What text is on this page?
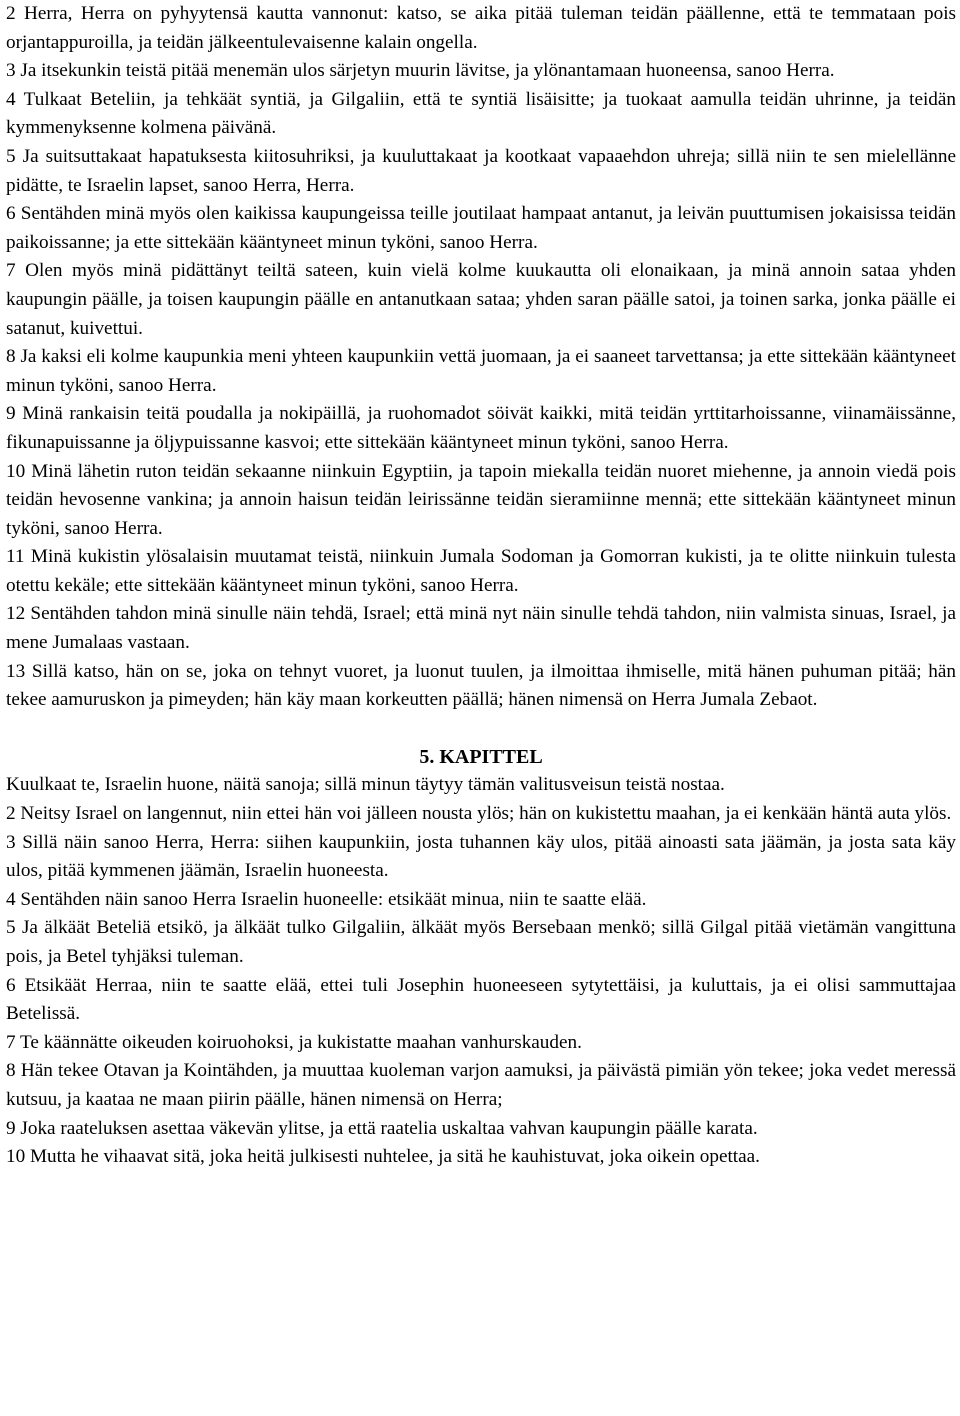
2 Herra, Herra on pyhyytensä kautta vannonut: katso, se aika pitää tuleman teidän päällenne, että te temmataan pois orjantappuroilla, ja teidän jälkeentulevaisenne kalain ongella.

3 Ja itsekunkin teistä pitää menemän ulos särjetyn muurin lävitse, ja ylönantamaan huoneensa, sanoo Herra.

4 Tulkaat Beteliin, ja tehkäät syntiä, ja Gilgaliin, että te syntiä lisäisitte; ja tuokaat aamulla teidän uhrinne, ja teidän kymmenyksenne kolmena päivänä.

5 Ja suitsuttakaat hapatuksesta kiitosuhriksi, ja kuuluttakaat ja kootkaat vapaaehdon uhreja; sillä niin te sen mielellänne pidätte, te Israelin lapset, sanoo Herra, Herra.

6 Sentähden minä myös olen kaikissa kaupungeissa teille joutilaat hampaat antanut, ja leivän puuttumisen jokaisissa teidän paikoissanne; ja ette sittekään kääntyneet minun tyköni, sanoo Herra.

7 Olen myös minä pidättänyt teiltä sateen, kuin vielä kolme kuukautta oli elonaikaan, ja minä annoin sataa yhden kaupungin päälle, ja toisen kaupungin päälle en antanutkaan sataa; yhden saran päälle satoi, ja toinen sarka, jonka päälle ei satanut, kuivettui.

8 Ja kaksi eli kolme kaupunkia meni yhteen kaupunkiin vettä juomaan, ja ei saaneet tarvettansa; ja ette sittekään kääntyneet minun tyköni, sanoo Herra.

9 Minä rankaisin teitä poudalla ja nokipäillä, ja ruohomadot söivät kaikki, mitä teidän yrttitarhoissanne, viinamäissänne, fikunapuissanne ja öljypuissanne kasvoi; ette sittekään kääntyneet minun tyköni, sanoo Herra.

10 Minä lähetin ruton teidän sekaanne niinkuin Egyptiin, ja tapoin miekalla teidän nuoret miehenne, ja annoin viedä pois teidän hevosenne vankina; ja annoin haisun teidän leirissänne teidän sieramiinne mennä; ette sittekään kääntyneet minun tyköni, sanoo Herra.

11 Minä kukistin ylösalaisin muutamat teistä, niinkuin Jumala Sodoman ja Gomorran kukisti, ja te olitte niinkuin tulesta otettu kekäle; ette sittekään kääntyneet minun tyköni, sanoo Herra.

12 Sentähden tahdon minä sinulle näin tehdä, Israel; että minä nyt näin sinulle tehdä tahdon, niin valmista sinuas, Israel, ja mene Jumalaas vastaan.

13 Sillä katso, hän on se, joka on tehnyt vuoret, ja luonut tuulen, ja ilmoittaa ihmiselle, mitä hänen puhuman pitää; hän tekee aamuruskon ja pimeyden; hän käy maan korkeutten päällä; hänen nimensä on Herra Jumala Zebaot.

5. KAPITTEL

Kuulkaat te, Israelin huone, näitä sanoja; sillä minun täytyy tämän valitusveisun teistä nostaa.

2 Neitsy Israel on langennut, niin ettei hän voi jälleen nousta ylös; hän on kukistettu maahan, ja ei kenkään häntä auta ylös.

3 Sillä näin sanoo Herra, Herra: siihen kaupunkiin, josta tuhannen käy ulos, pitää ainoasti sata jäämän, ja josta sata käy ulos, pitää kymmenen jäämän, Israelin huoneesta.

4 Sentähden näin sanoo Herra Israelin huoneelle: etsikäät minua, niin te saatte elää.

5 Ja älkäät Beteliä etsikö, ja älkäät tulko Gilgaliin, älkäät myös Bersebaan menkö; sillä Gilgal pitää vietämän vangittuna pois, ja Betel tyhjäksi tuleman.

6 Etsikäät Herraa, niin te saatte elää, ettei tuli Josephin huoneeseen sytytettäisi, ja kuluttais, ja ei olisi sammuttajaa Betelissä.

7 Te käännätte oikeuden koiruohoksi, ja kukistatte maahan vanhurskauden.

8 Hän tekee Otavan ja Kointähden, ja muuttaa kuoleman varjon aamuksi, ja päivästä pimiän yön tekee; joka vedet meressä kutsuu, ja kaataa ne maan piirin päälle, hänen nimensä on Herra;

9 Joka raateluksen asettaa väkevän ylitse, ja että raatelia uskaltaa vahvan kaupungin päälle karata.

10 Mutta he vihaavat sitä, joka heitä julkisesti nuhtelee, ja sitä he kauhistuvat, joka oikein opettaa.
